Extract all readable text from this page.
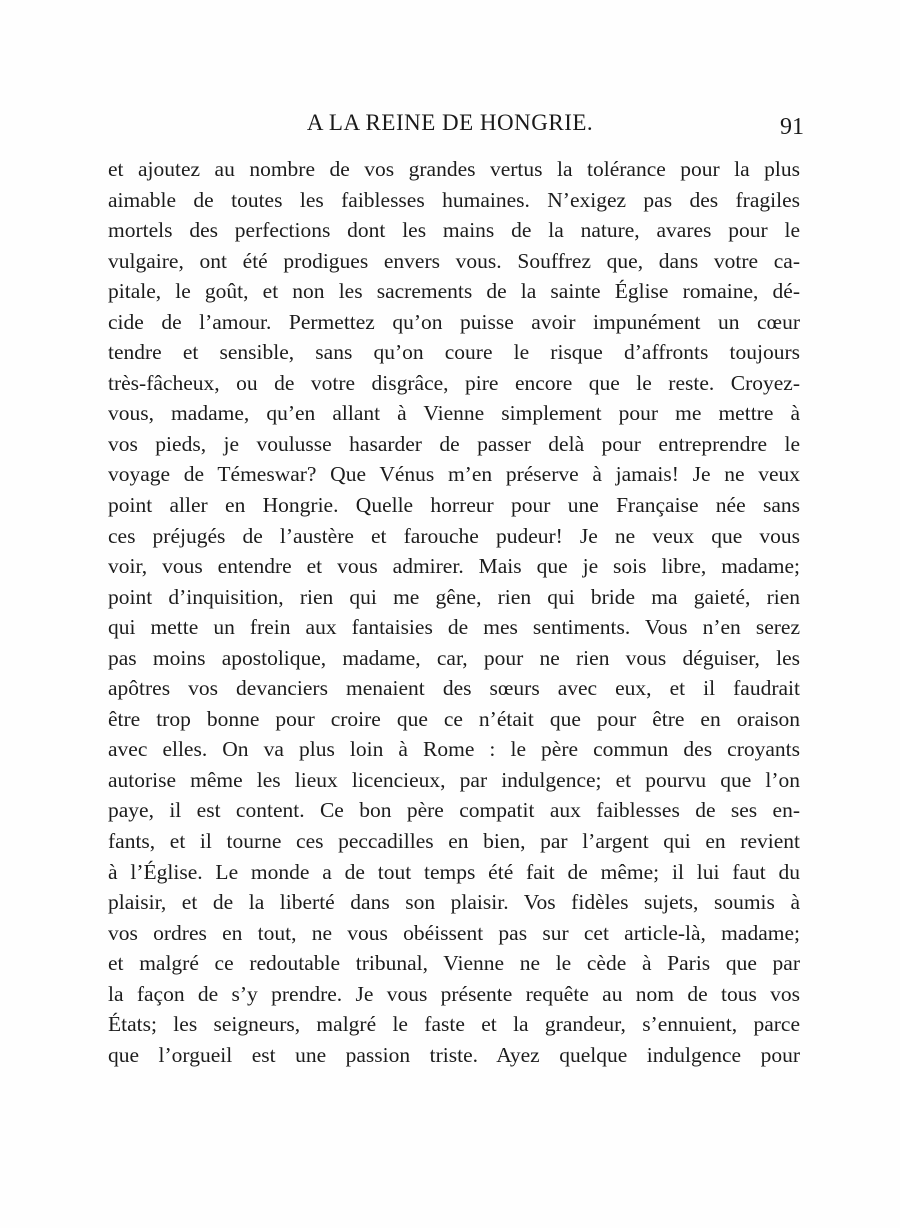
A LA REINE DE HONGRIE.	91
et ajoutez au nombre de vos grandes vertus la tolérance pour la plus
aimable de toutes les faiblesses humaines. N’exigez pas des fragiles
mortels des perfections dont les mains de la nature, avares pour le
vulgaire, ont été prodigues envers vous. Souffrez que, dans votre ca-
pitale, le goût, et non les sacrements de la sainte Église romaine, dé-
cide de l’amour. Permettez qu’on puisse avoir impunément un cœur
tendre et sensible, sans qu’on coure le risque d’affronts toujours
très-fâcheux, ou de votre disgrâce, pire encore que le reste. Croyez-
vous, madame, qu’en allant à Vienne simplement pour me mettre à
vos pieds, je voulusse hasarder de passer delà pour entreprendre le
voyage de Témeswar? Que Vénus m’en préserve à jamais! Je ne veux
point aller en Hongrie. Quelle horreur pour une Française née sans
ces préjugés de l’austère et farouche pudeur! Je ne veux que vous
voir, vous entendre et vous admirer. Mais que je sois libre, madame;
point d’inquisition, rien qui me gêne, rien qui bride ma gaieté, rien
qui mette un frein aux fantaisies de mes sentiments. Vous n’en serez
pas moins apostolique, madame, car, pour ne rien vous déguiser, les
apôtres vos devanciers menaient des sœurs avec eux, et il faudrait
être trop bonne pour croire que ce n’était que pour être en oraison
avec elles. On va plus loin à Rome : le père commun des croyants
autorise même les lieux licencieux, par indulgence; et pourvu que l’on
paye, il est content. Ce bon père compatit aux faiblesses de ses en-
fants, et il tourne ces peccadilles en bien, par l’argent qui en revient
à l’Église. Le monde a de tout temps été fait de même; il lui faut du
plaisir, et de la liberté dans son plaisir. Vos fidèles sujets, soumis à
vos ordres en tout, ne vous obéissent pas sur cet article-là, madame;
et malgré ce redoutable tribunal, Vienne ne le cède à Paris que par
la façon de s’y prendre. Je vous présente requête au nom de tous vos
États; les seigneurs, malgré le faste et la grandeur, s’ennuient, parce
que l’orgueil est une passion triste. Ayez quelque indulgence pour
